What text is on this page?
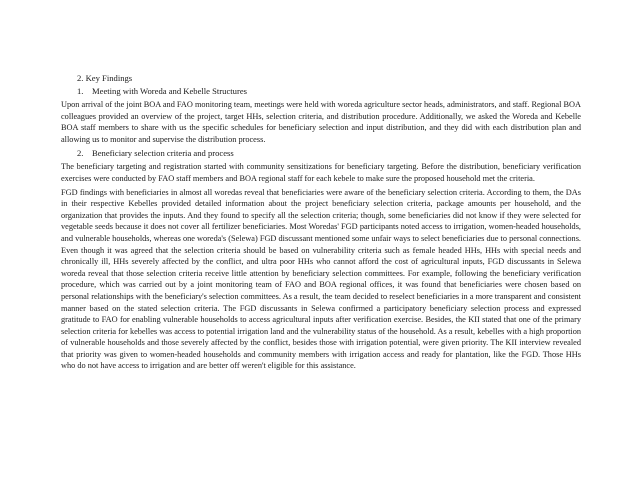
2. Key Findings
1. Meeting with Woreda and Kebelle Structures

Upon arrival of the joint BOA and FAO monitoring team, meetings were held with woreda agriculture sector heads, administrators, and staff. Regional BOA colleagues provided an overview of the project, target HHs, selection criteria, and distribution procedure. Additionally, we asked the Woreda and Kebelle BOA staff members to share with us the specific schedules for beneficiary selection and input distribution, and they did with each distribution plan and allowing us to monitor and supervise the distribution process.

2. Beneficiary selection criteria and process

The beneficiary targeting and registration started with community sensitizations for beneficiary targeting. Before the distribution, beneficiary verification exercises were conducted by FAO staff members and BOA regional staff for each kebele to make sure the proposed household met the criteria.

FGD findings with beneficiaries in almost all woredas reveal that beneficiaries were aware of the beneficiary selection criteria. According to them, the DAs in their respective Kebelles provided detailed information about the project beneficiary selection criteria, package amounts per household, and the organization that provides the inputs. And they found to specify all the selection criteria; though, some beneficiaries did not know if they were selected for vegetable seeds because it does not cover all fertilizer beneficiaries. Most Woredas' FGD participants noted access to irrigation, women-headed households, and vulnerable households, whereas one woreda's (Selewa) FGD discussant mentioned some unfair ways to select beneficiaries due to personal connections. Even though it was agreed that the selection criteria should be based on vulnerability criteria such as female headed HHs, HHs with special needs and chronically ill, HHs severely affected by the conflict, and ultra poor HHs who cannot afford the cost of agricultural inputs, FGD discussants in Selewa woreda reveal that those selection criteria receive little attention by beneficiary selection committees. For example, following the beneficiary verification procedure, which was carried out by a joint monitoring team of FAO and BOA regional offices, it was found that beneficiaries were chosen based on personal relationships with the beneficiary's selection committees. As a result, the team decided to reselect beneficiaries in a more transparent and consistent manner based on the stated selection criteria. The FGD discussants in Selewa confirmed a participatory beneficiary selection process and expressed gratitude to FAO for enabling vulnerable households to access agricultural inputs after verification exercise. Besides, the KII stated that one of the primary selection criteria for kebelles was access to potential irrigation land and the vulnerability status of the household. As a result, kebelles with a high proportion of vulnerable households and those severely affected by the conflict, besides those with irrigation potential, were given priority. The KII interview revealed that priority was given to women-headed households and community members with irrigation access and ready for plantation, like the FGD. Those HHs who do not have access to irrigation and are better off weren't eligible for this assistance.
